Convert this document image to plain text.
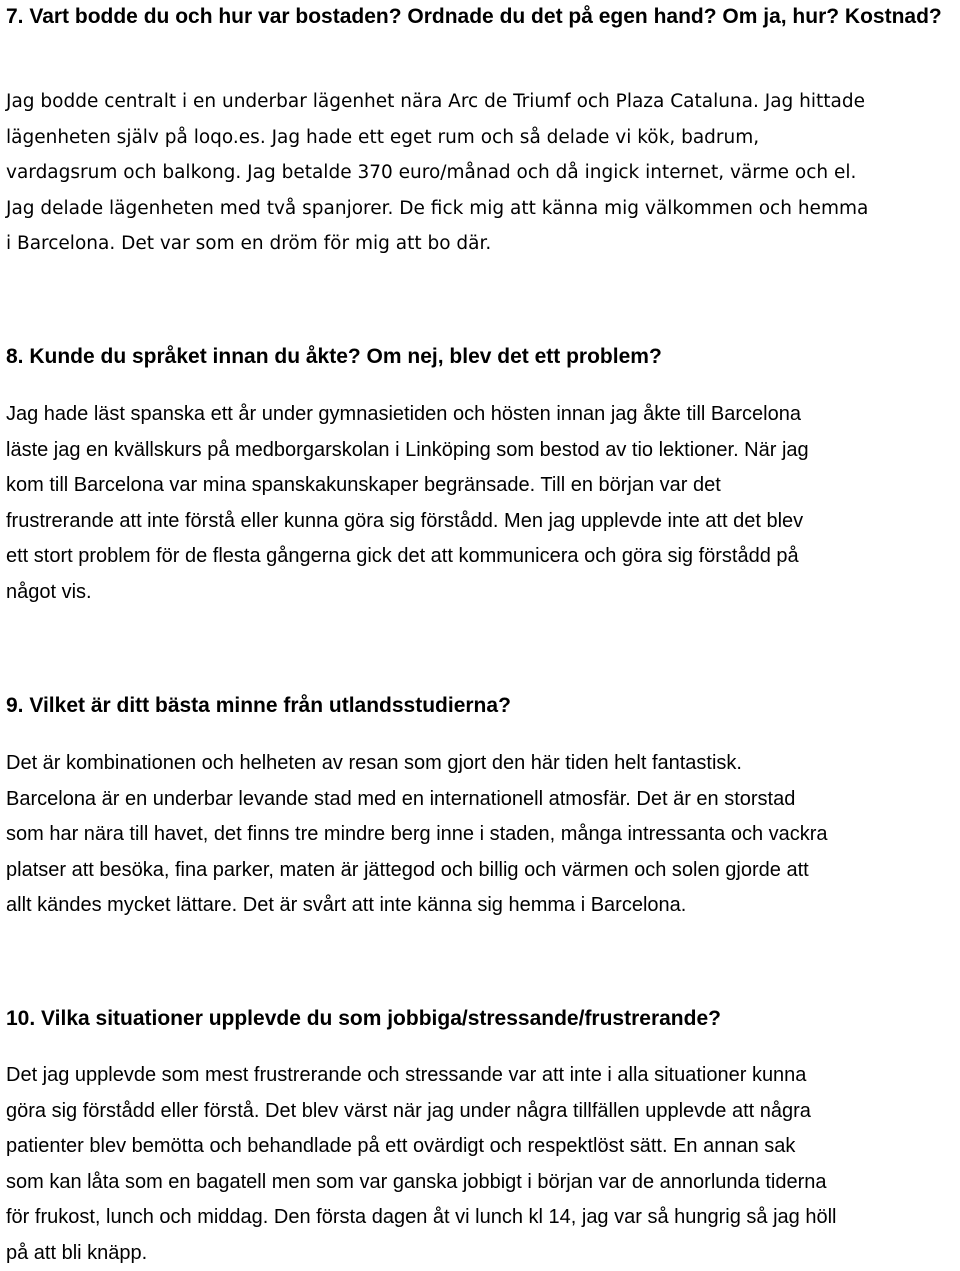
7. Vart bodde du och hur var bostaden? Ordnade du det på egen hand? Om ja, hur? Kostnad?
Jag bodde centralt i en underbar lägenhet nära Arc de Triumf och Plaza Cataluna. Jag hittade
lägenheten själv på loqo.es. Jag hade ett eget rum och så delade vi kök, badrum,
vardagsrum och balkong. Jag betalde 370 euro/månad och då ingick internet, värme och el.
Jag delade lägenheten med två spanjorer. De fick mig att känna mig välkommen och hemma
i Barcelona. Det var som en dröm för mig att bo där.
8. Kunde du språket innan du åkte? Om nej, blev det ett problem?
Jag hade läst spanska ett år under gymnasietiden och hösten innan jag åkte till Barcelona
läste jag en kvällskurs på medborgarskolan i Linköping som bestod av tio lektioner. När jag
kom till Barcelona var mina spanskakunskaper begränsade. Till en början var det
frustrerande att inte förstå eller kunna göra sig förstådd. Men jag upplevde inte att det blev
ett stort problem för de flesta gångerna gick det att kommunicera och göra sig förstådd på
något vis.
9. Vilket är ditt bästa minne från utlandsstudierna?
Det är kombinationen och helheten av resan som gjort den här tiden helt fantastisk.
Barcelona är en underbar levande stad med en internationell atmosfär. Det är en storstad
som har nära till havet, det finns tre mindre berg inne i staden, många intressanta och vackra
platser att besöka, fina parker, maten är jättegod och billig och värmen och solen gjorde att
allt kändes mycket lättare. Det är svårt att inte känna sig hemma i Barcelona.
10. Vilka situationer upplevde du som jobbiga/stressande/frustrerande?
Det jag upplevde som mest frustrerande och stressande var att inte i alla situationer kunna
göra sig förstådd eller förstå. Det blev värst när jag under några tillfällen upplevde att några
patienter blev bemötta och behandlade på ett ovärdigt och respektlöst sätt. En annan sak
som kan låta som en bagatell men som var ganska jobbigt i början var de annorlunda tiderna
för frukost, lunch och middag. Den första dagen åt vi lunch kl 14, jag var så hungrig så jag höll
på att bli knäpp.
